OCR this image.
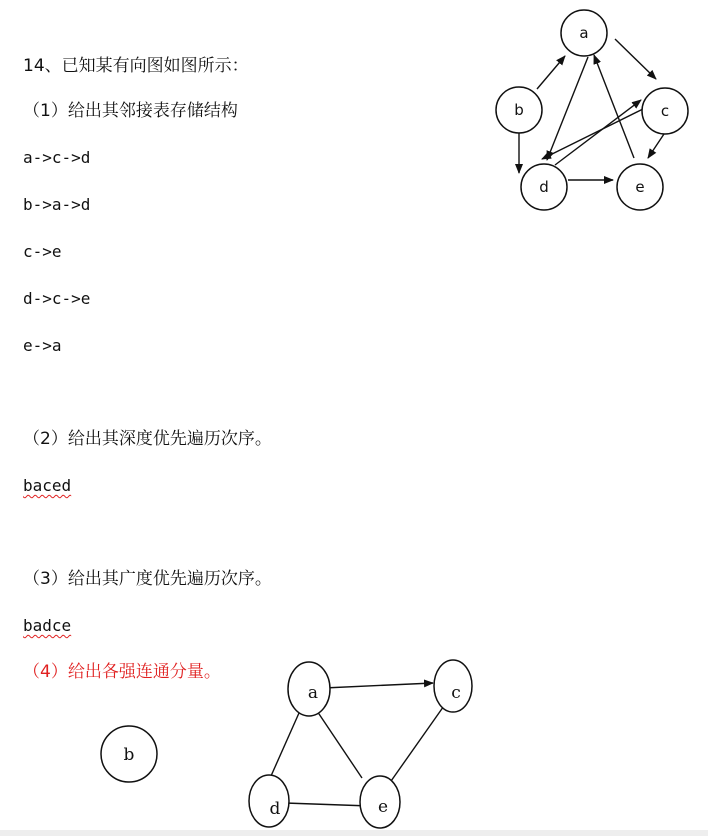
14、已知某有向图如图所示：
（1）给出其邻接表存储结构
a->c->d
b->a->d
c->e
d->c->e
e->a
（2）给出其深度优先遍历次序。
baced
（3）给出其广度优先遍历次序。
badce
（4）给出各强连通分量。
a
b	c
d	e
b
a	c
d	e
